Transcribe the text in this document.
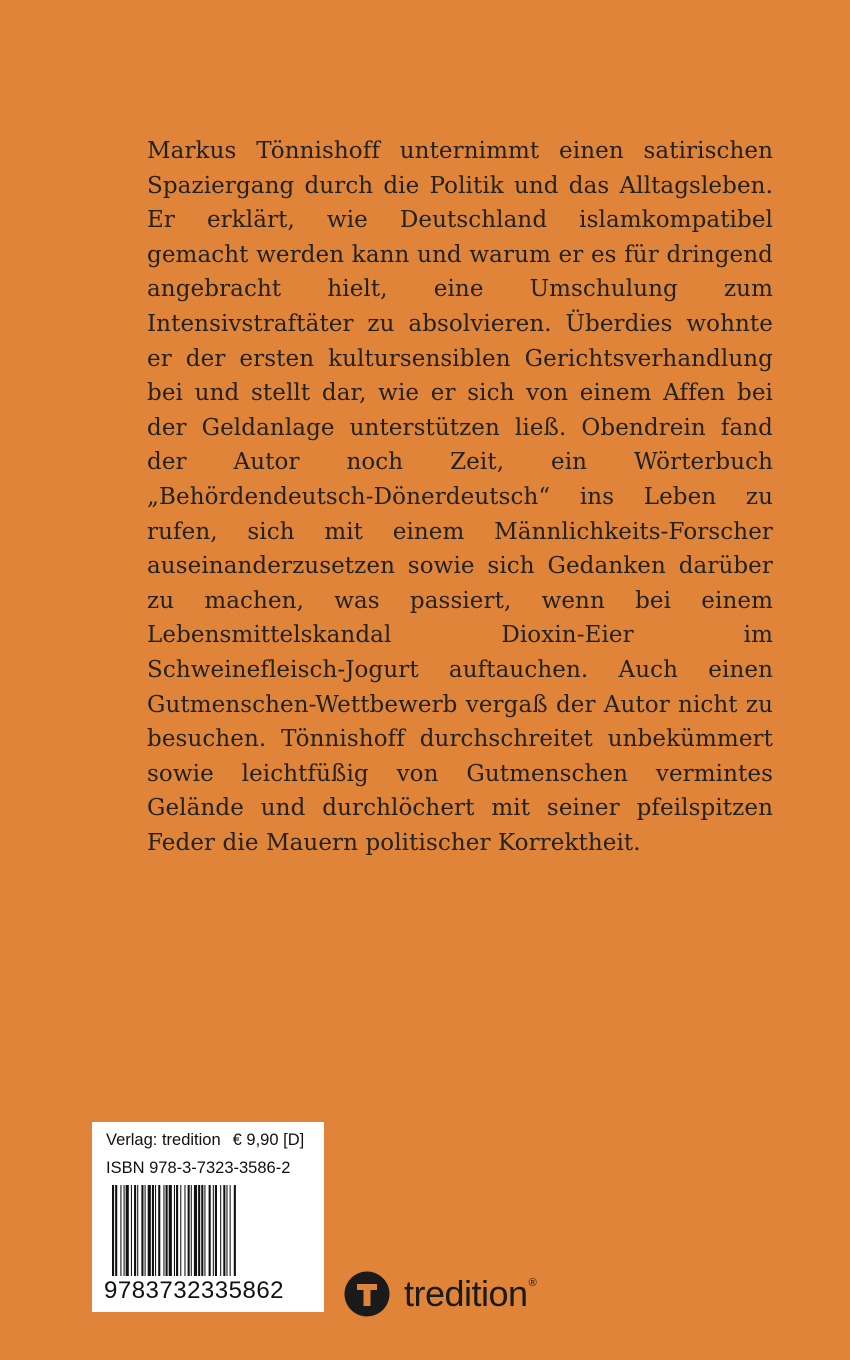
Markus Tönnishoff unternimmt einen satirischen Spaziergang durch die Politik und das Alltagsleben. Er erklärt, wie Deutschland islamkompatibel gemacht werden kann und warum er es für dringend angebracht hielt, eine Umschulung zum Intensivstraftäter zu absolvieren. Überdies wohnte er der ersten kultursensiblen Gerichtsverhandlung bei und stellt dar, wie er sich von einem Affen bei der Geldanlage unterstützen ließ. Obendrein fand der Autor noch Zeit, ein Wörterbuch „Behördendeutsch-Dönerdeutsch“ ins Leben zu rufen, sich mit einem Männlichkeits-Forscher auseinanderzusetzen sowie sich Gedanken darüber zu machen, was passiert, wenn bei einem Lebensmittelskandal Dioxin-Eier im Schweinefleisch-Jogurt auftauchen. Auch einen Gutmenschen-Wettbewerb vergaß der Autor nicht zu besuchen. Tönnishoff durchschreitet unbekümmert sowie leichtfüßig von Gutmenschen vermintes Gelände und durchlöchert mit seiner pfeilspitzen Feder die Mauern politischer Korrektheit.

Verlag: tredition € 9,90 [D]
ISBN 978-3-7323-3586-2
9783732335862	tredition ®
